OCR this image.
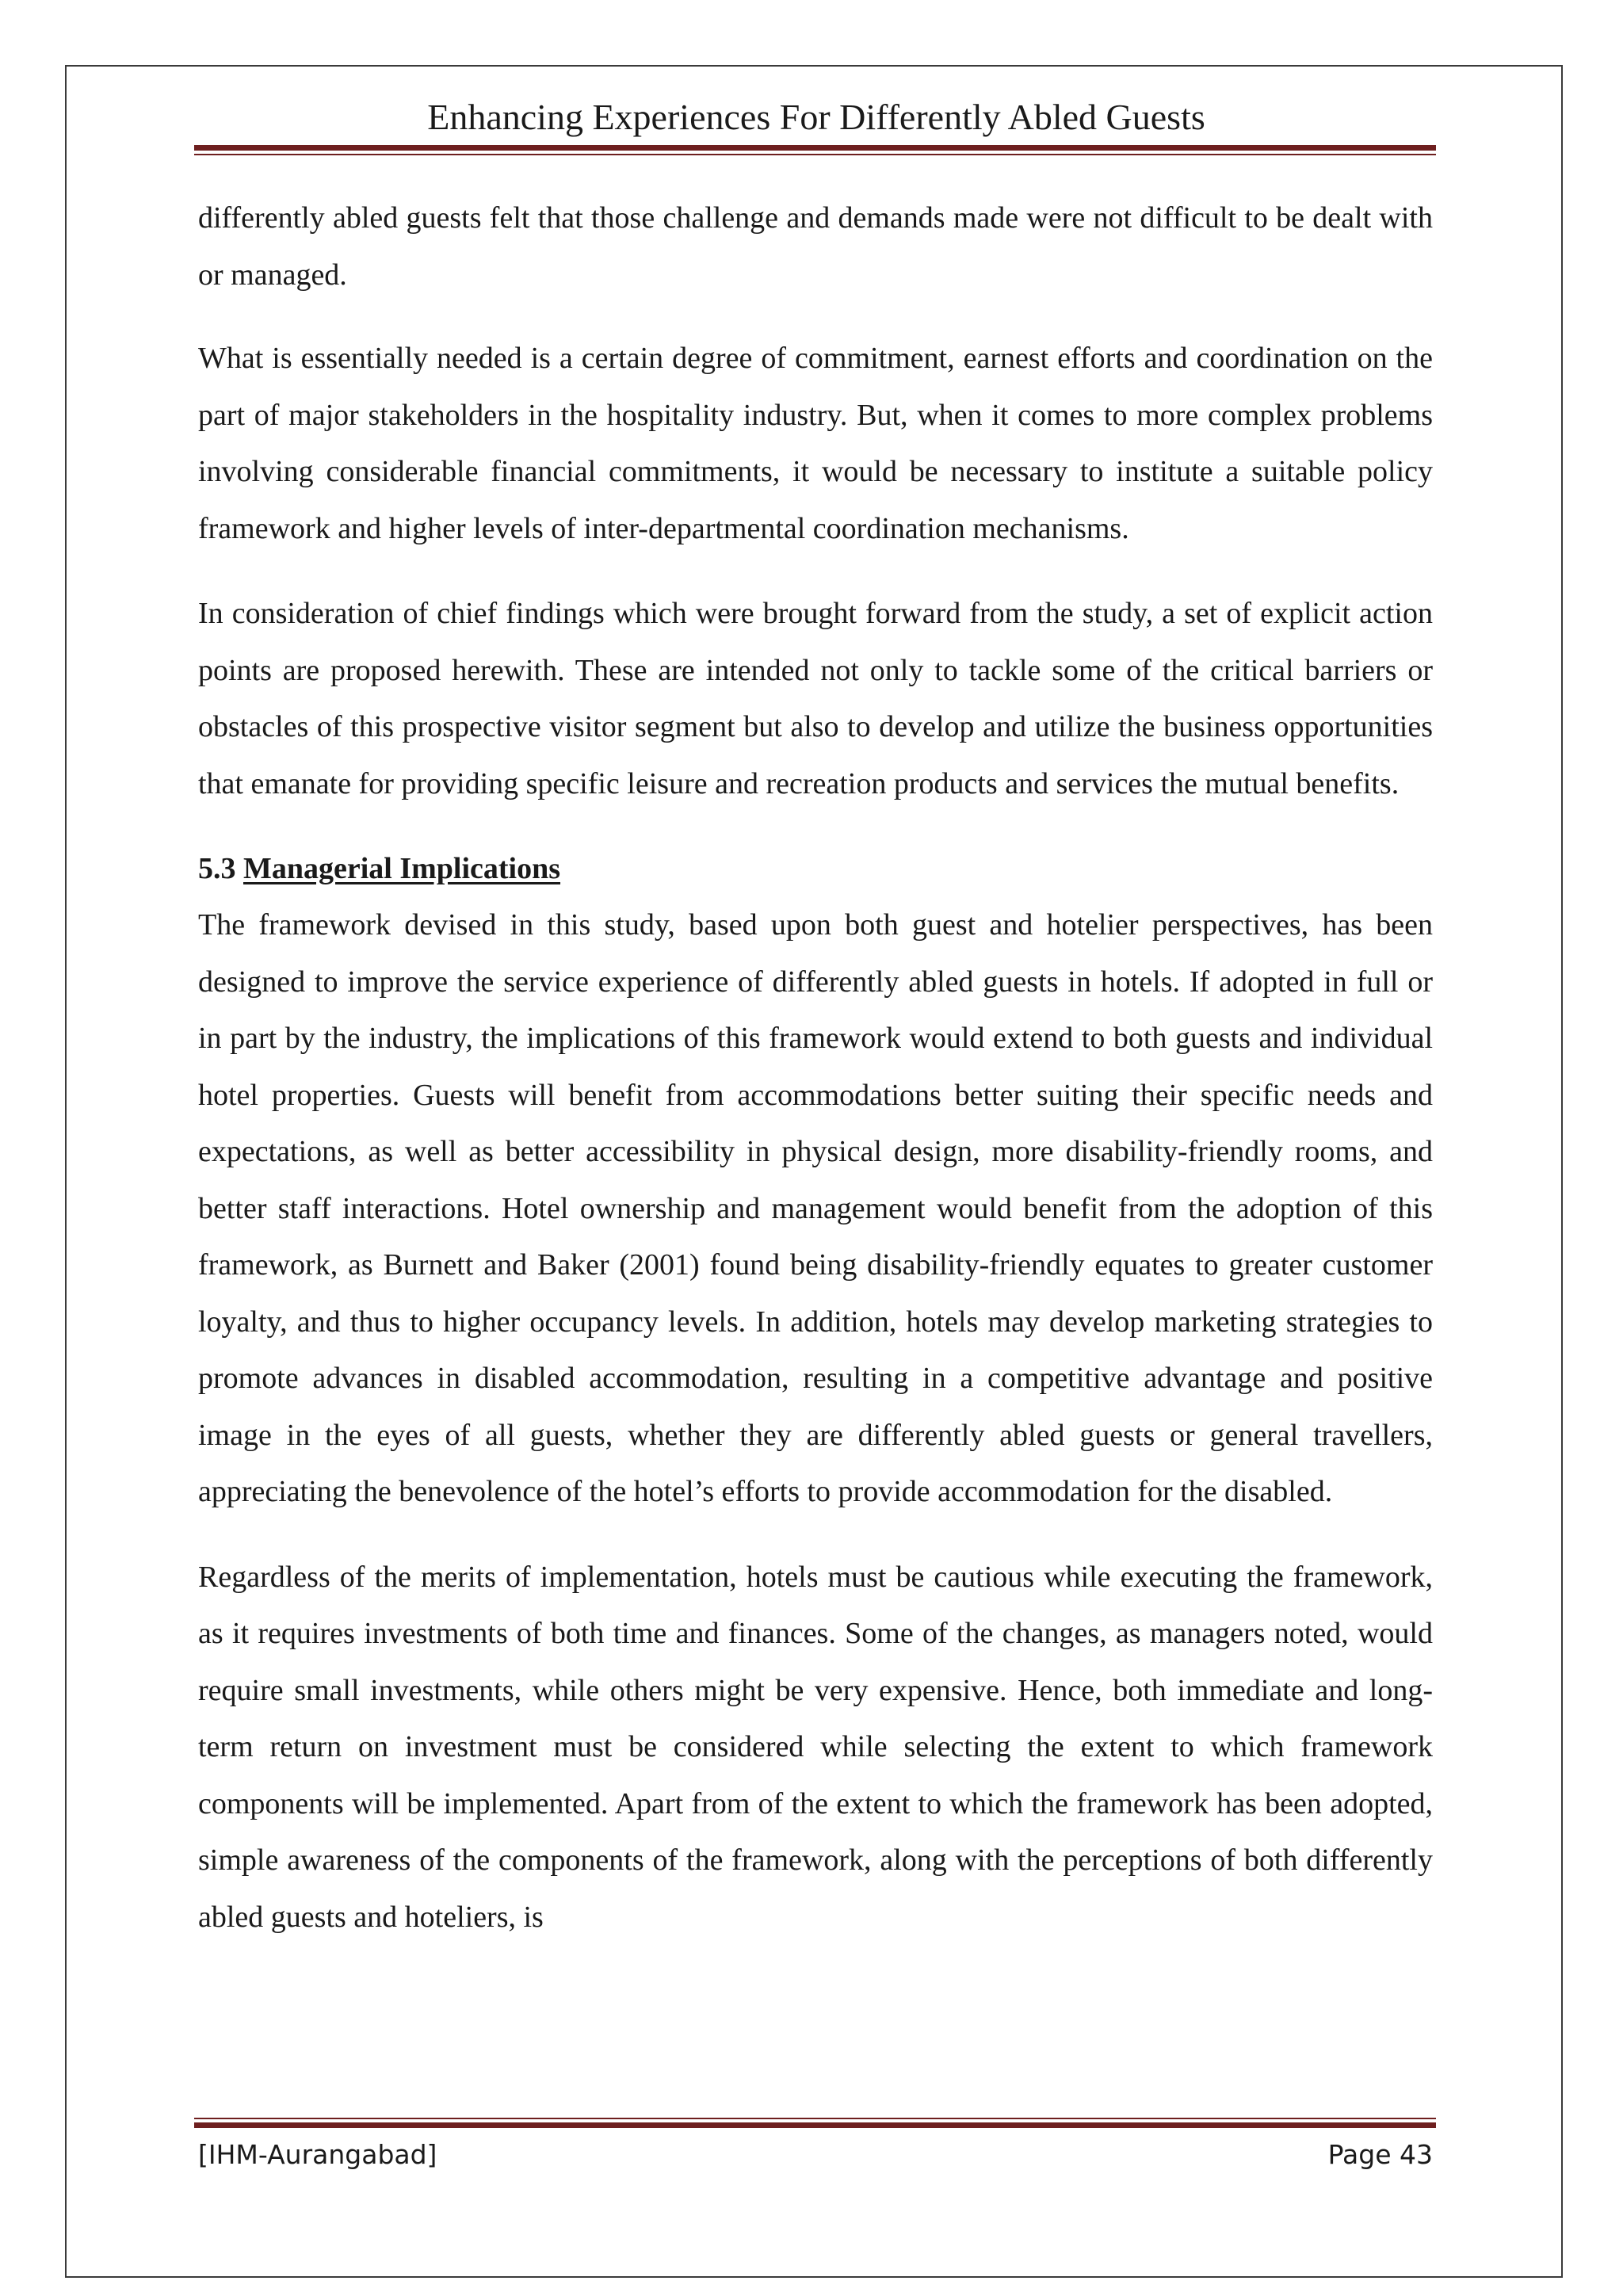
Enhancing Experiences For Differently Abled Guests

differently abled guests felt that those challenge and demands made were not difficult to be dealt with or managed.

What is essentially needed is a certain degree of commitment, earnest efforts and coordination on the part of major stakeholders in the hospitality industry. But, when it comes to more complex problems involving considerable financial commitments, it would be necessary to institute a suitable policy framework and higher levels of inter-departmental coordination mechanisms.

In consideration of chief findings which were brought forward from the study, a set of explicit action points are proposed herewith. These are intended not only to tackle some of the critical barriers or obstacles of this prospective visitor segment but also to develop and utilize the business opportunities that emanate for providing specific leisure and recreation products and services the mutual benefits.

5.3 Managerial Implications

The framework devised in this study, based upon both guest and hotelier perspectives, has been designed to improve the service experience of differently abled guests in hotels. If adopted in full or in part by the industry, the implications of this framework would extend to both guests and individual hotel properties. Guests will benefit from accommodations better suiting their specific needs and expectations, as well as better accessibility in physical design, more disability-friendly rooms, and better staff interactions. Hotel ownership and management would benefit from the adoption of this framework, as Burnett and Baker (2001) found being disability-friendly equates to greater customer loyalty, and thus to higher occupancy levels. In addition, hotels may develop marketing strategies to promote advances in disabled accommodation, resulting in a competitive advantage and positive image in the eyes of all guests, whether they are differently abled guests or general travellers, appreciating the benevolence of the hotel’s efforts to provide accommodation for the disabled.

Regardless of the merits of implementation, hotels must be cautious while executing the framework, as it requires investments of both time and finances. Some of the changes, as managers noted, would require small investments, while others might be very expensive. Hence, both immediate and long-term return on investment must be considered while selecting the extent to which framework components will be implemented. Apart from of the extent to which the framework has been adopted, simple awareness of the components of the framework, along with the perceptions of both differently abled guests and hoteliers, is

[IHM-Aurangabad]	Page 43
